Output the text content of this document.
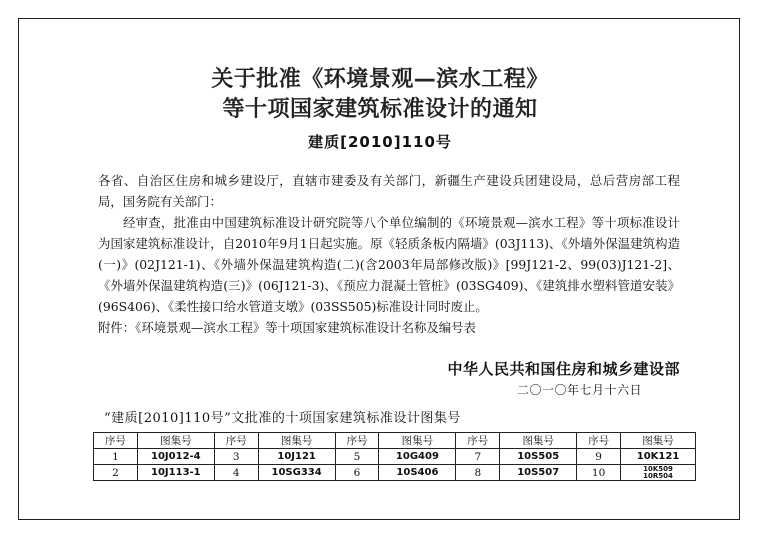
关于批准《环境景观—滨水工程》
等十项国家建筑标准设计的通知
建质[2010]110号

各省、自治区住房和城乡建设厅，直辖市建委及有关部门，新疆生产建设兵团建设局，总后营房部工程局，国务院有关部门：

经审查，批准由中国建筑标准设计研究院等八个单位编制的《环境景观—滨水工程》等十项标准设计为国家建筑标准设计，自2010年9月1日起实施。原《轻质条板内隔墙》(03J113)、《外墙外保温建筑构造(一)》(02J121-1)、《外墙外保温建筑构造(二)(含2003年局部修改版)》[99J121-2、99(03)J121-2]、《外墙外保温建筑构造(三)》(06J121-3)、《预应力混凝土管桩》(03SG409)、《建筑排水塑料管道安装》(96S406)、《柔性接口给水管道支墩》(03SS505)标准设计同时废止。

附件：《环境景观—滨水工程》等十项国家建筑标准设计名称及编号表

中华人民共和国住房和城乡建设部
二〇一〇年七月十六日
“建质[2010]110号”文批准的十项国家建筑标准设计图集号
序号	图集号	序号	图集号	序号	图集号	序号	图集号	序号	图集号
1	10J012-4	3	10J121	5	10G409	7	10S505	9	10K121
2	10J113-1	4	10SG334	6	10S406	8	10S507	10	10K509
10R504
